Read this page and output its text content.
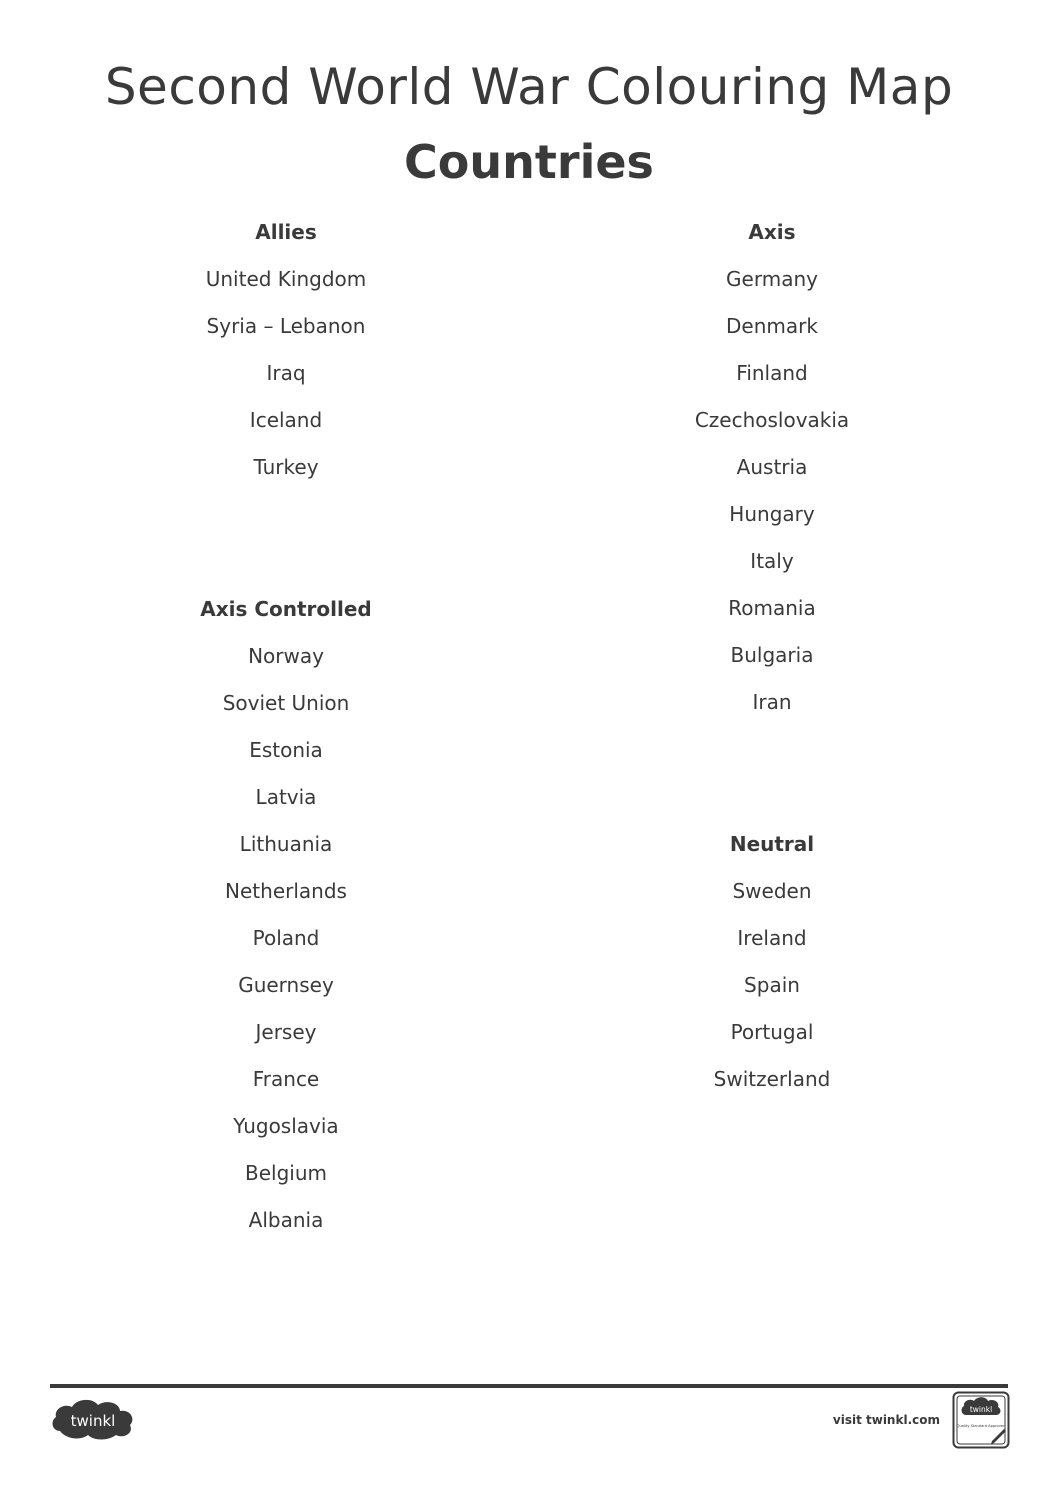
Second World War Colouring Map
Countries
Allies
United Kingdom
Syria – Lebanon
Iraq
Iceland
Turkey
Axis
Germany
Denmark
Finland
Czechoslovakia
Austria
Hungary
Italy
Romania
Bulgaria
Iran
Axis Controlled
Norway
Soviet Union
Estonia
Latvia
Lithuania
Netherlands
Poland
Guernsey
Jersey
France
Yugoslavia
Belgium
Albania
Neutral
Sweden
Ireland
Spain
Portugal
Switzerland
twinkl	visit twinkl.com
twinkl
Quality Standard Approved
